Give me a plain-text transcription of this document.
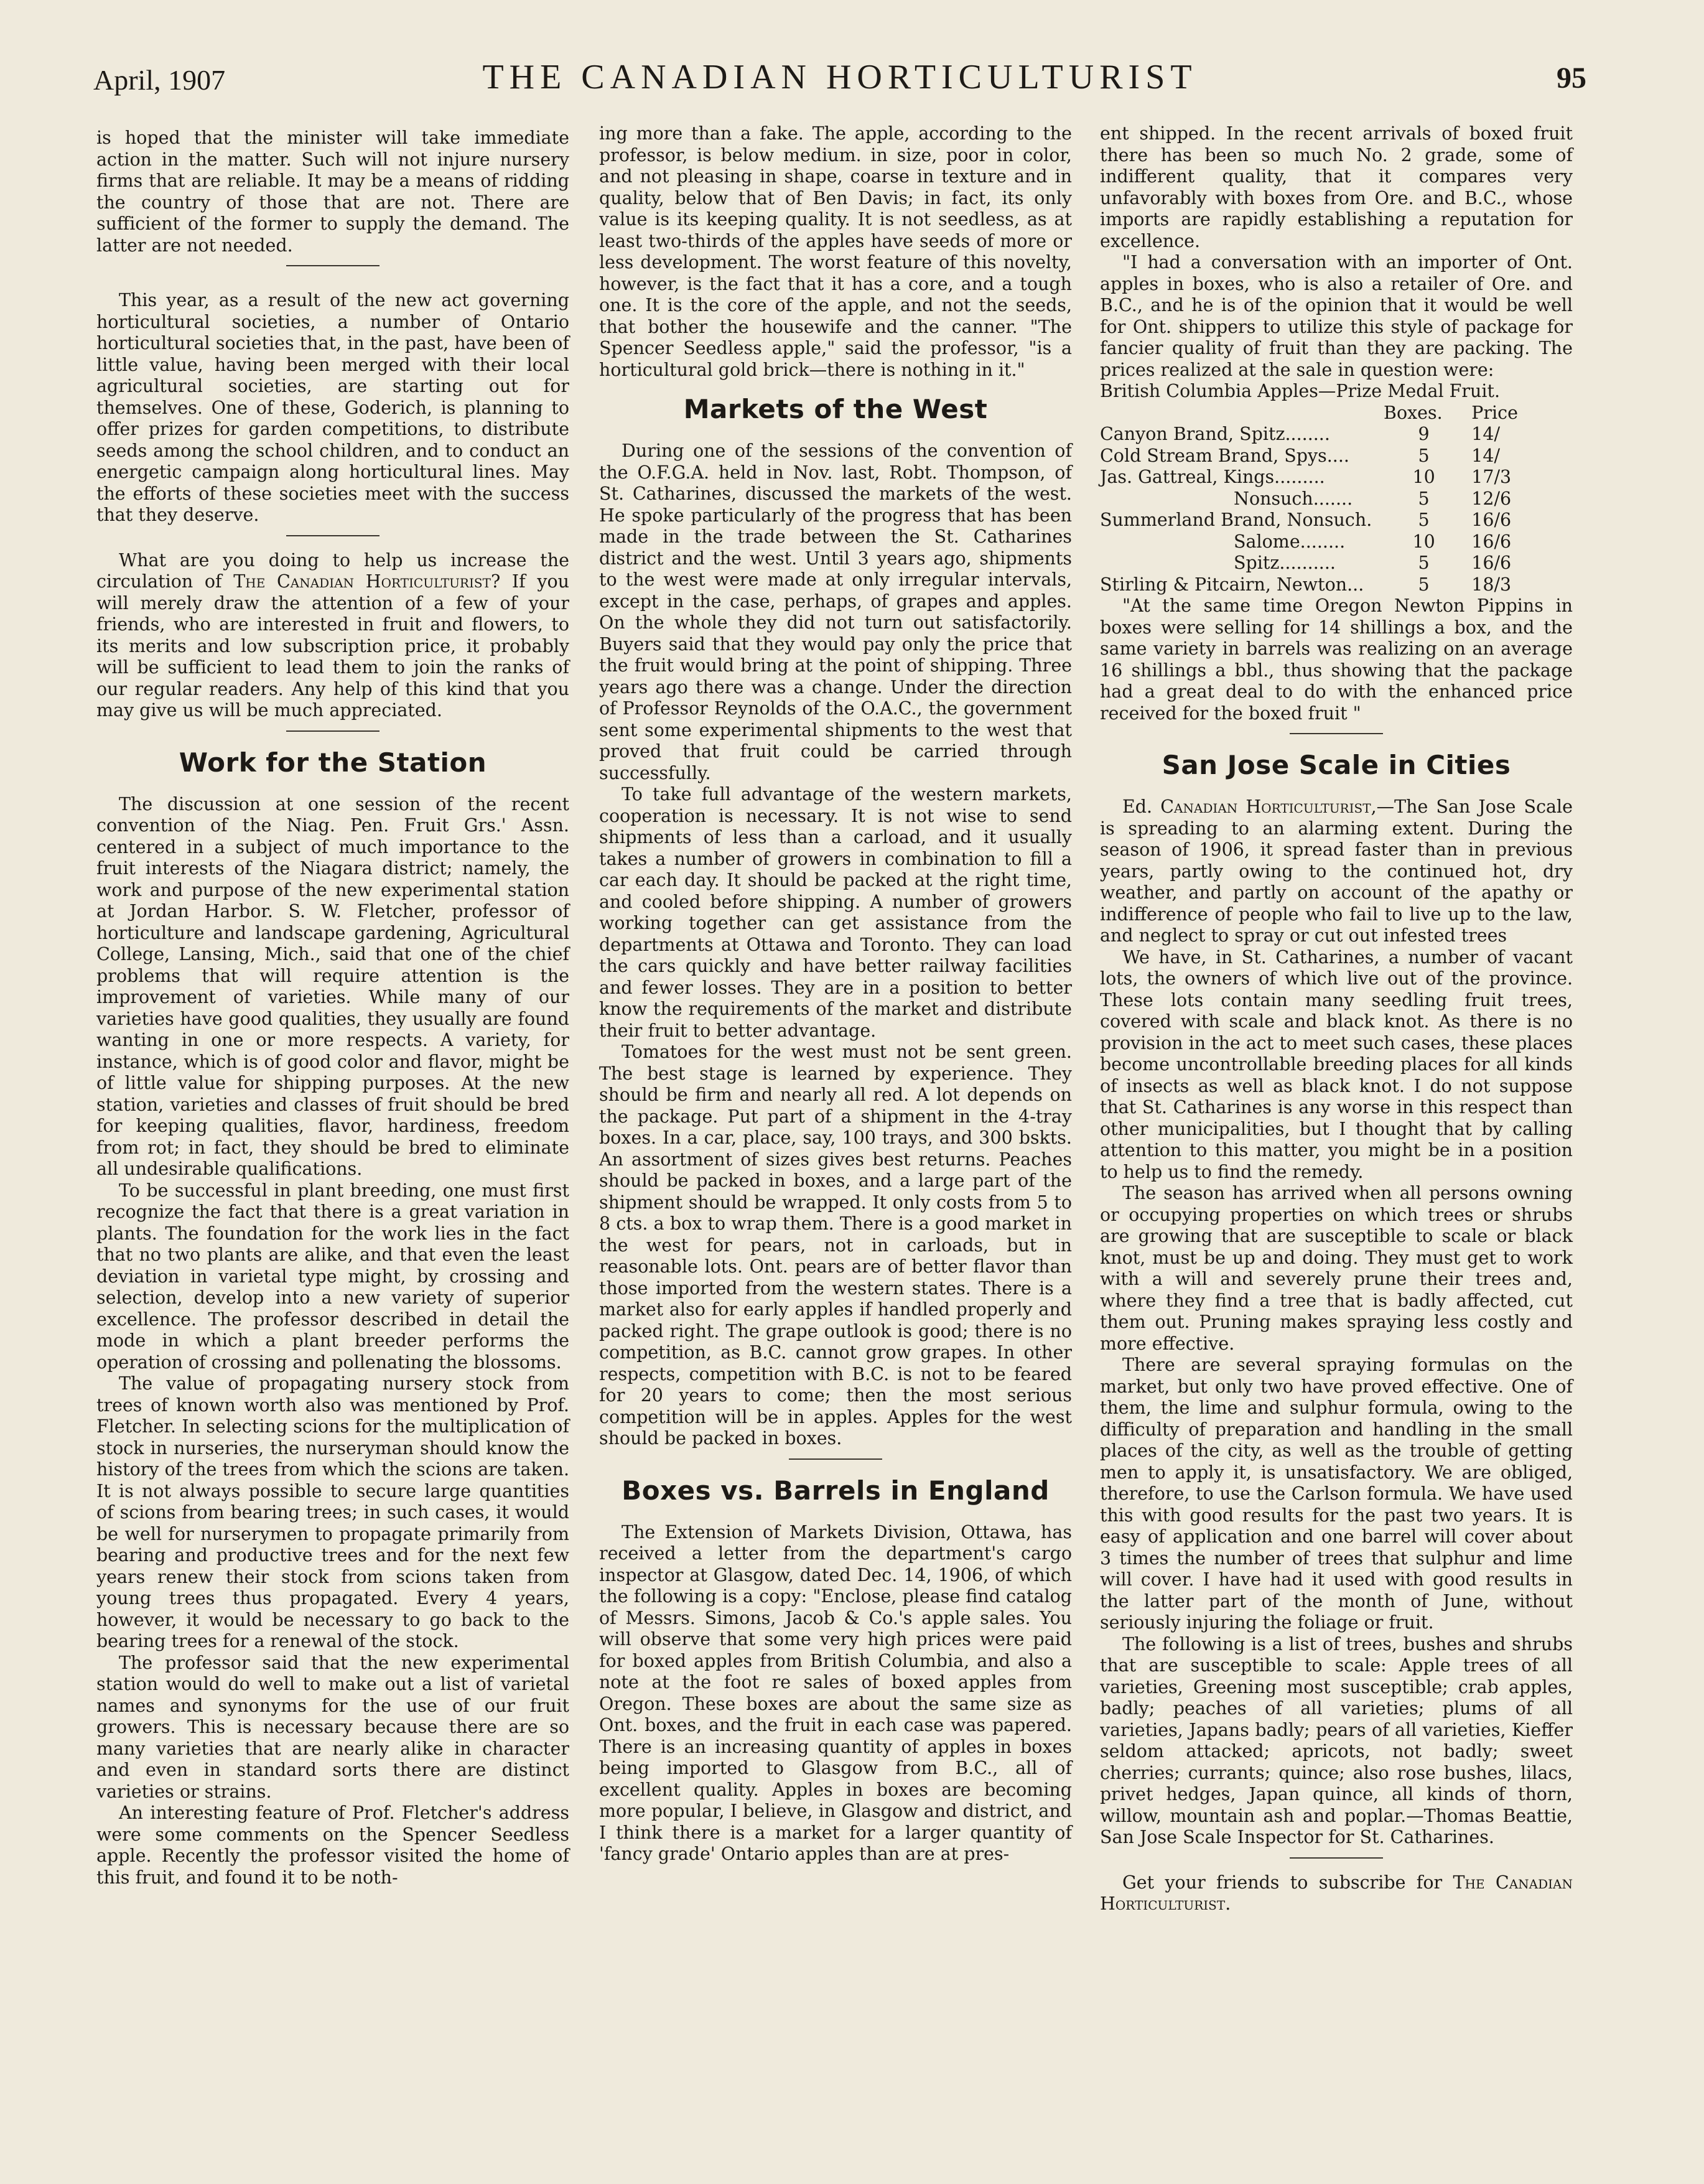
April, 1907	THE CANADIAN HORTICULTURIST	95

is hoped that the minister will take immediate action in the matter. Such will not injure nursery firms that are reliable. It may be a means of ridding the country of those that are not. There are sufficient of the former to supply the demand. The latter are not needed.

This year, as a result of the new act governing horticultural societies, a number of Ontario horticultural societies that, in the past, have been of little value, having been merged with their local agricultural societies, are starting out for themselves. One of these, Goderich, is planning to offer prizes for garden competitions, to distribute seeds among the school children, and to conduct an energetic campaign along horticultural lines. May the efforts of these societies meet with the success that they deserve.

What are you doing to help us increase the circulation of The Canadian Horticulturist? If you will merely draw the attention of a few of your friends, who are interested in fruit and flowers, to its merits and low subscription price, it probably will be sufficient to lead them to join the ranks of our regular readers. Any help of this kind that you may give us will be much appreciated.

Work for the Station

The discussion at one session of the recent convention of the Niag. Pen. Fruit Grs.' Assn. centered in a subject of much importance to the fruit interests of the Niagara district; namely, the work and purpose of the new experimental station at Jordan Harbor. S. W. Fletcher, professor of horticulture and landscape gardening, Agricultural College, Lansing, Mich., said that one of the chief problems that will require attention is the improvement of varieties. While many of our varieties have good qualities, they usually are found wanting in one or more respects. A variety, for instance, which is of good color and flavor, might be of little value for shipping purposes. At the new station, varieties and classes of fruit should be bred for keeping qualities, flavor, hardiness, freedom from rot; in fact, they should be bred to eliminate all undesirable qualifications.

To be successful in plant breeding, one must first recognize the fact that there is a great variation in plants. The foundation for the work lies in the fact that no two plants are alike, and that even the least deviation in varietal type might, by crossing and selection, develop into a new variety of superior excellence. The professor described in detail the mode in which a plant breeder performs the operation of crossing and pollenating the blossoms.

The value of propagating nursery stock from trees of known worth also was mentioned by Prof. Fletcher. In selecting scions for the multiplication of stock in nurseries, the nurseryman should know the history of the trees from which the scions are taken. It is not always possible to secure large quantities of scions from bearing trees; in such cases, it would be well for nurserymen to propagate primarily from bearing and productive trees and for the next few years renew their stock from scions taken from young trees thus propagated. Every 4 years, however, it would be necessary to go back to the bearing trees for a renewal of the stock.

The professor said that the new experimental station would do well to make out a list of varietal names and synonyms for the use of our fruit growers. This is necessary because there are so many varieties that are nearly alike in character and even in standard sorts there are distinct varieties or strains.

An interesting feature of Prof. Fletcher's address were some comments on the Spencer Seedless apple. Recently the professor visited the home of this fruit, and found it to be noth-

ing more than a fake. The apple, according to the professor, is below medium. in size, poor in color, and not pleasing in shape, coarse in texture and in quality, below that of Ben Davis; in fact, its only value is its keeping quality. It is not seedless, as at least two-thirds of the apples have seeds of more or less development. The worst feature of this novelty, however, is the fact that it has a core, and a tough one. It is the core of the apple, and not the seeds, that bother the housewife and the canner. "The Spencer Seedless apple," said the professor, "is a horticultural gold brick—there is nothing in it."

Markets of the West

During one of the sessions of the convention of the O.F.G.A. held in Nov. last, Robt. Thompson, of St. Catharines, discussed the markets of the west. He spoke particularly of the progress that has been made in the trade between the St. Catharines district and the west. Until 3 years ago, shipments to the west were made at only irregular intervals, except in the case, perhaps, of grapes and apples. On the whole they did not turn out satisfactorily. Buyers said that they would pay only the price that the fruit would bring at the point of shipping. Three years ago there was a change. Under the direction of Professor Reynolds of the O.A.C., the government sent some experimental shipments to the west that proved that fruit could be carried through successfully.

To take full advantage of the western markets, cooperation is necessary. It is not wise to send shipments of less than a carload, and it usually takes a number of growers in combination to fill a car each day. It should be packed at the right time, and cooled before shipping. A number of growers working together can get assistance from the departments at Ottawa and Toronto. They can load the cars quickly and have better railway facilities and fewer losses. They are in a position to better know the requirements of the market and distribute their fruit to better advantage.

Tomatoes for the west must not be sent green. The best stage is learned by experience. They should be firm and nearly all red. A lot depends on the package. Put part of a shipment in the 4-tray boxes. In a car, place, say, 100 trays, and 300 bskts. An assortment of sizes gives best returns. Peaches should be packed in boxes, and a large part of the shipment should be wrapped. It only costs from 5 to 8 cts. a box to wrap them. There is a good market in the west for pears, not in carloads, but in reasonable lots. Ont. pears are of better flavor than those imported from the western states. There is a market also for early apples if handled properly and packed right. The grape outlook is good; there is no competition, as B.C. cannot grow grapes. In other respects, competition with B.C. is not to be feared for 20 years to come; then the most serious competition will be in apples. Apples for the west should be packed in boxes.

Boxes vs. Barrels in England

The Extension of Markets Division, Ottawa, has received a letter from the department's cargo inspector at Glasgow, dated Dec. 14, 1906, of which the following is a copy: "Enclose, please find catalog of Messrs. Simons, Jacob & Co.'s apple sales. You will observe that some very high prices were paid for boxed apples from British Columbia, and also a note at the foot re sales of boxed apples from Oregon. These boxes are about the same size as Ont. boxes, and the fruit in each case was papered. There is an increasing quantity of apples in boxes being imported to Glasgow from B.C., all of excellent quality. Apples in boxes are becoming more popular, I believe, in Glasgow and district, and I think there is a market for a larger quantity of 'fancy grade' Ontario apples than are at pres-

ent shipped. In the recent arrivals of boxed fruit there has been so much No. 2 grade, some of indifferent quality, that it compares very unfavorably with boxes from Ore. and B.C., whose imports are rapidly establishing a reputation for excellence.

"I had a conversation with an importer of Ont. apples in boxes, who is also a retailer of Ore. and B.C., and he is of the opinion that it would be well for Ont. shippers to utilize this style of package for fancier quality of fruit than they are packing. The prices realized at the sale in question were:

British Columbia Apples—Prize Medal Fruit.

	Boxes.	Price
Canyon Brand, Spitz........	9	14/
Cold Stream Brand, Spys....	5	14/
Jas. Gattreal, Kings.........	10	17/3
Nonsuch.......	5	12/6
Summerland Brand, Nonsuch.	5	16/6
Salome........	10	16/6
Spitz..........	5	16/6
Stirling & Pitcairn, Newton...	5	18/3

"At the same time Oregon Newton Pippins in boxes were selling for 14 shillings a box, and the same variety in barrels was realizing on an average 16 shillings a bbl., thus showing that the package had a great deal to do with the enhanced price received for the boxed fruit "

San Jose Scale in Cities

Ed. Canadian Horticulturist,—The San Jose Scale is spreading to an alarming extent. During the season of 1906, it spread faster than in previous years, partly owing to the continued hot, dry weather, and partly on account of the apathy or indifference of people who fail to live up to the law, and neglect to spray or cut out infested trees

We have, in St. Catharines, a number of vacant lots, the owners of which live out of the province. These lots contain many seedling fruit trees, covered with scale and black knot. As there is no provision in the act to meet such cases, these places become uncontrollable breeding places for all kinds of insects as well as black knot. I do not suppose that St. Catharines is any worse in this respect than other municipalities, but I thought that by calling attention to this matter, you might be in a position to help us to find the remedy.

The season has arrived when all persons owning or occupying properties on which trees or shrubs are growing that are susceptible to scale or black knot, must be up and doing. They must get to work with a will and severely prune their trees and, where they find a tree that is badly affected, cut them out. Pruning makes spraying less costly and more effective.

There are several spraying formulas on the market, but only two have proved effective. One of them, the lime and sulphur formula, owing to the difficulty of preparation and handling in the small places of the city, as well as the trouble of getting men to apply it, is unsatisfactory. We are obliged, therefore, to use the Carlson formula. We have used this with good results for the past two years. It is easy of application and one barrel will cover about 3 times the number of trees that sulphur and lime will cover. I have had it used with good results in the latter part of the month of June, without seriously injuring the foliage or fruit.

The following is a list of trees, bushes and shrubs that are susceptible to scale: Apple trees of all varieties, Greening most susceptible; crab apples, badly; peaches of all varieties; plums of all varieties, Japans badly; pears of all varieties, Kieffer seldom attacked; apricots, not badly; sweet cherries; currants; quince; also rose bushes, lilacs, privet hedges, Japan quince, all kinds of thorn, willow, mountain ash and poplar.—Thomas Beattie, San Jose Scale Inspector for St. Catharines.

Get your friends to subscribe for The Canadian Horticulturist.
